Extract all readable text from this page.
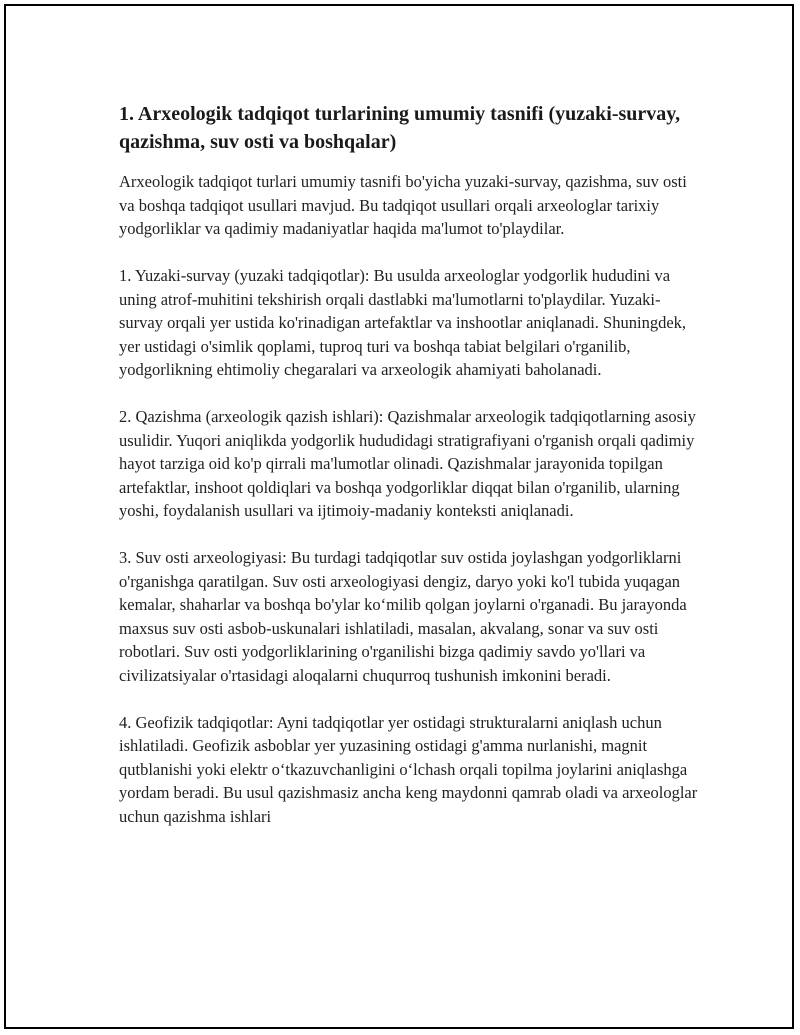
1. Arxeologik tadqiqot turlarining umumiy tasnifi (yuzaki-survay, qazishma, suv osti va boshqalar)

Arxeologik tadqiqot turlari umumiy tasnifi bo'yicha yuzaki-survay, qazishma, suv osti va boshqa tadqiqot usullari mavjud. Bu tadqiqot usullari orqali arxeologlar tarixiy yodgorliklar va qadimiy madaniyatlar haqida ma'lumot to'playdilar.

1. Yuzaki-survay (yuzaki tadqiqotlar): Bu usulda arxeologlar yodgorlik hududini va uning atrof-muhitini tekshirish orqali dastlabki ma'lumotlarni to'playdilar. Yuzaki-survay orqali yer ustida ko'rinadigan artefaktlar va inshootlar aniqlanadi. Shuningdek, yer ustidagi o'simlik qoplami, tuproq turi va boshqa tabiat belgilari o'rganilib, yodgorlikning ehtimoliy chegaralari va arxeologik ahamiyati baholanadi.

2. Qazishma (arxeologik qazish ishlari): Qazishmalar arxeologik tadqiqotlarning asosiy usulidir. Yuqori aniqlikda yodgorlik hududidagi stratigrafiyani o'rganish orqali qadimiy hayot tarziga oid ko'p qirrali ma'lumotlar olinadi. Qazishmalar jarayonida topilgan artefaktlar, inshoot qoldiqlari va boshqa yodgorliklar diqqat bilan o'rganilib, ularning yoshi, foydalanish usullari va ijtimoiy-madaniy konteksti aniqlanadi.

3. Suv osti arxeologiyasi: Bu turdagi tadqiqotlar suv ostida joylashgan yodgorliklarni o'rganishga qaratilgan. Suv osti arxeologiyasi dengiz, daryo yoki ko'l tubida yuqagan kemalar, shaharlar va boshqa bo'ylar ko‘milib qolgan joylarni o'rganadi. Bu jarayonda maxsus suv osti asbob-uskunalari ishlatiladi, masalan, akvalang, sonar va suv osti robotlari. Suv osti yodgorliklarining o'rganilishi bizga qadimiy savdo yo'llari va civilizatsiyalar o'rtasidagi aloqalarni chuqurroq tushunish imkonini beradi.

4. Geofizik tadqiqotlar: Ayni tadqiqotlar yer ostidagi strukturalarni aniqlash uchun ishlatiladi. Geofizik asboblar yer yuzasining ostidagi g'amma nurlanishi, magnit qutblanishi yoki elektr o‘tkazuvchanligini o‘lchash orqali topilma joylarini aniqlashga yordam beradi. Bu usul qazishmasiz ancha keng maydonni qamrab oladi va arxeologlar uchun qazishma ishlari
